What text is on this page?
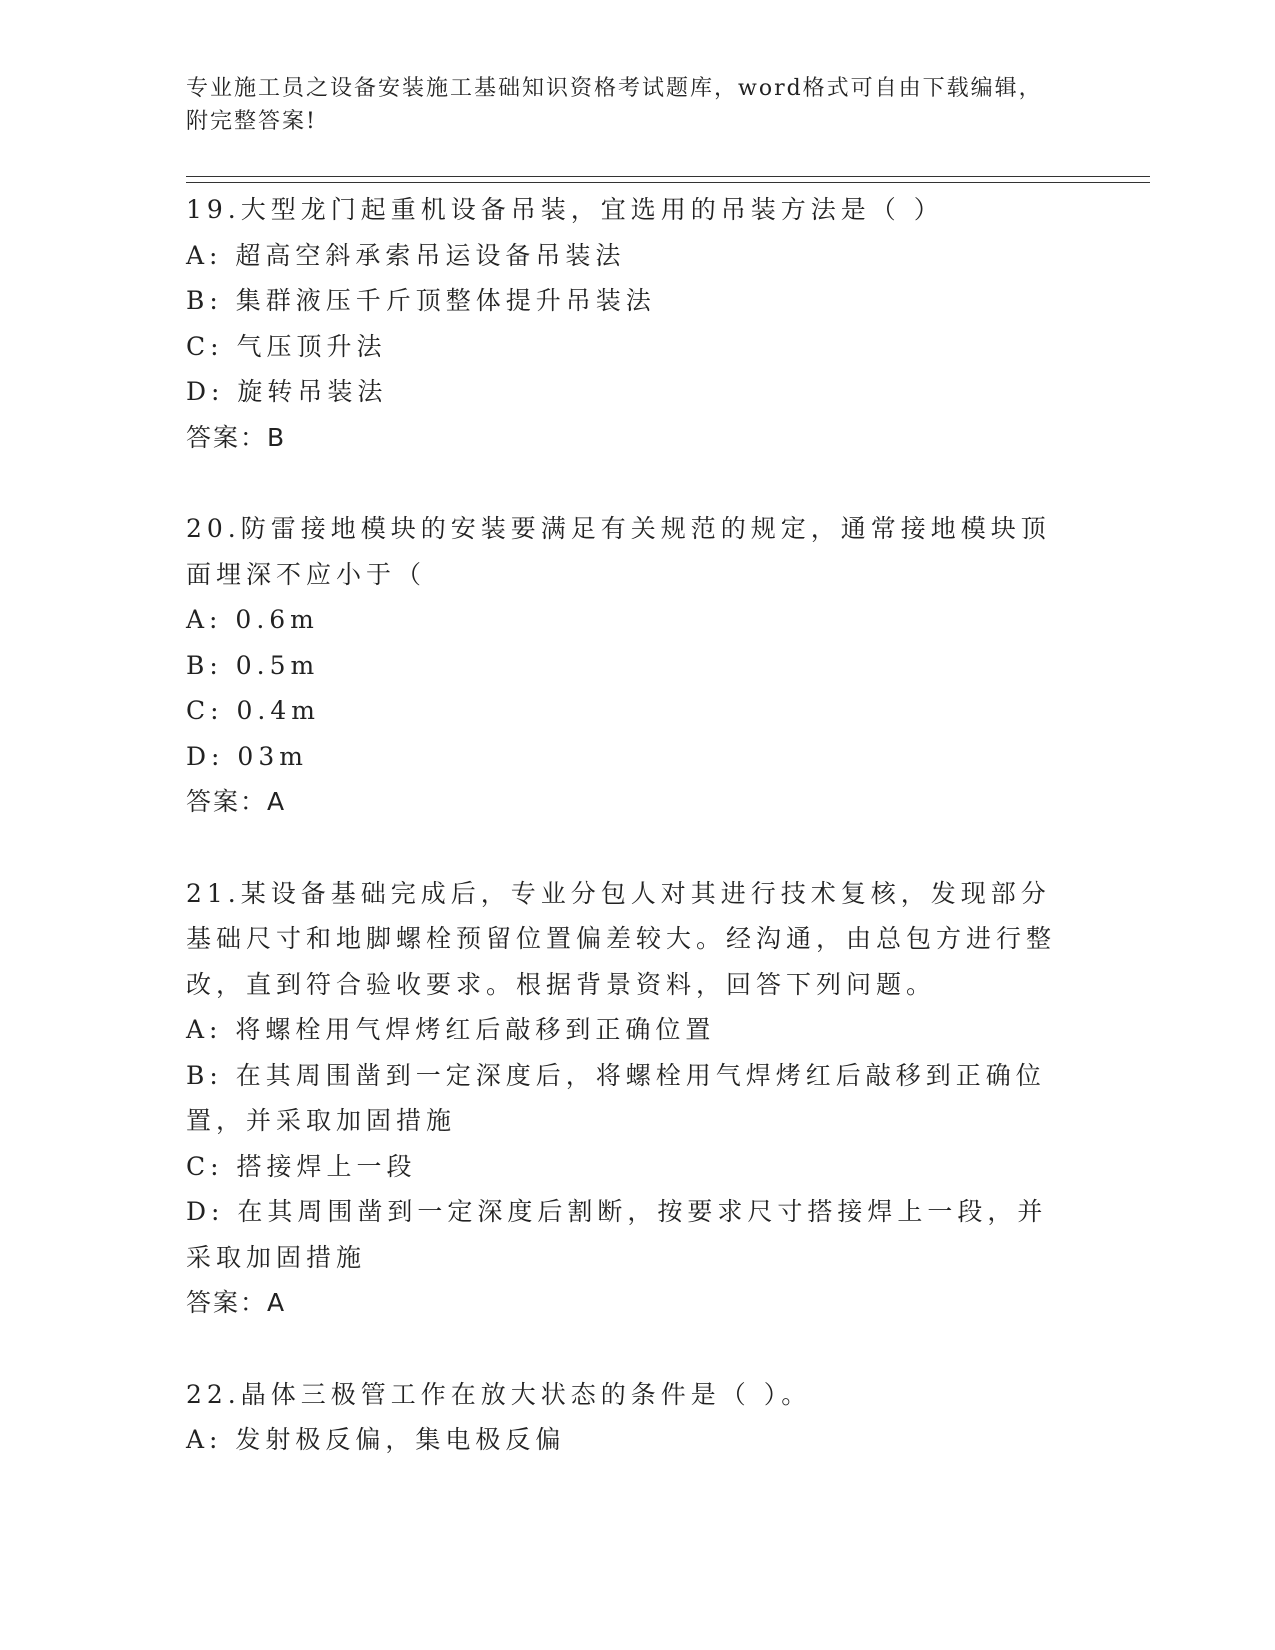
专业施工员之设备安装施工基础知识资格考试题库，word格式可自由下载编辑，
附完整答案!
19.大型龙门起重机设备吊装，宜选用的吊装方法是（ ）
A: 超高空斜承索吊运设备吊装法
B: 集群液压千斤顶整体提升吊装法
C: 气压顶升法
D: 旋转吊装法
答案：B
20.防雷接地模块的安装要满足有关规范的规定，通常接地模块顶面埋深不应小于（
A: 0.6m
B: 0.5m
C: 0.4m
D: 03m
答案：A
21.某设备基础完成后，专业分包人对其进行技术复核，发现部分基础尺寸和地脚螺栓预留位置偏差较大。经沟通，由总包方进行整改，直到符合验收要求。根据背景资料，回答下列问题。
A: 将螺栓用气焊烤红后敲移到正确位置
B: 在其周围凿到一定深度后，将螺栓用气焊烤红后敲移到正确位置，并采取加固措施
C: 搭接焊上一段
D: 在其周围凿到一定深度后割断，按要求尺寸搭接焊上一段，并采取加固措施
答案：A
22.晶体三极管工作在放大状态的条件是（ ）。
A: 发射极反偏，集电极反偏
